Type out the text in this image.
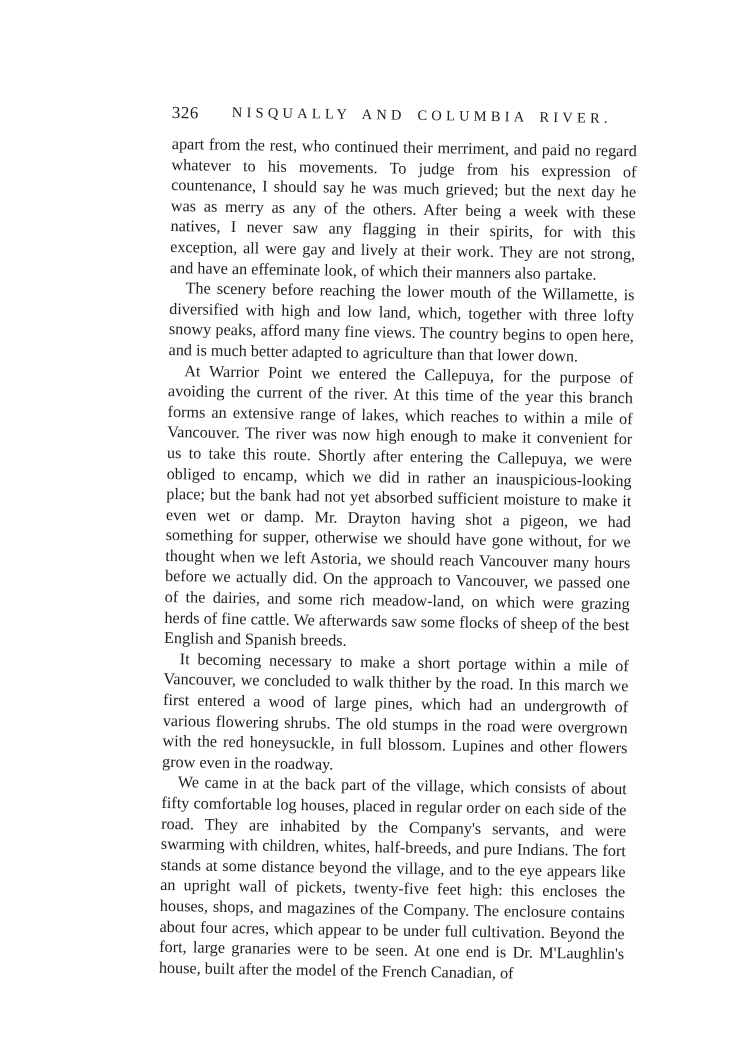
326 NISQUALLY AND COLUMBIA RIVER.

apart from the rest, who continued their merriment, and paid no regard whatever to his movements. To judge from his expression of countenance, I should say he was much grieved; but the next day he was as merry as any of the others. After being a week with these natives, I never saw any flagging in their spirits, for with this exception, all were gay and lively at their work. They are not strong, and have an effeminate look, of which their manners also partake.

The scenery before reaching the lower mouth of the Willamette, is diversified with high and low land, which, together with three lofty snowy peaks, afford many fine views. The country begins to open here, and is much better adapted to agriculture than that lower down.

At Warrior Point we entered the Callepuya, for the purpose of avoiding the current of the river. At this time of the year this branch forms an extensive range of lakes, which reaches to within a mile of Vancouver. The river was now high enough to make it convenient for us to take this route. Shortly after entering the Callepuya, we were obliged to encamp, which we did in rather an inauspicious-looking place; but the bank had not yet absorbed sufficient moisture to make it even wet or damp. Mr. Drayton having shot a pigeon, we had something for supper, otherwise we should have gone without, for we thought when we left Astoria, we should reach Vancouver many hours before we actually did. On the approach to Vancouver, we passed one of the dairies, and some rich meadow-land, on which were grazing herds of fine cattle. We afterwards saw some flocks of sheep of the best English and Spanish breeds.

It becoming necessary to make a short portage within a mile of Vancouver, we concluded to walk thither by the road. In this march we first entered a wood of large pines, which had an undergrowth of various flowering shrubs. The old stumps in the road were overgrown with the red honeysuckle, in full blossom. Lupines and other flowers grow even in the roadway.

We came in at the back part of the village, which consists of about fifty comfortable log houses, placed in regular order on each side of the road. They are inhabited by the Company's servants, and were swarming with children, whites, half-breeds, and pure Indians. The fort stands at some distance beyond the village, and to the eye appears like an upright wall of pickets, twenty-five feet high: this encloses the houses, shops, and magazines of the Company. The enclosure contains about four acres, which appear to be under full cultivation. Beyond the fort, large granaries were to be seen. At one end is Dr. M'Laughlin's house, built after the model of the French Canadian, of
